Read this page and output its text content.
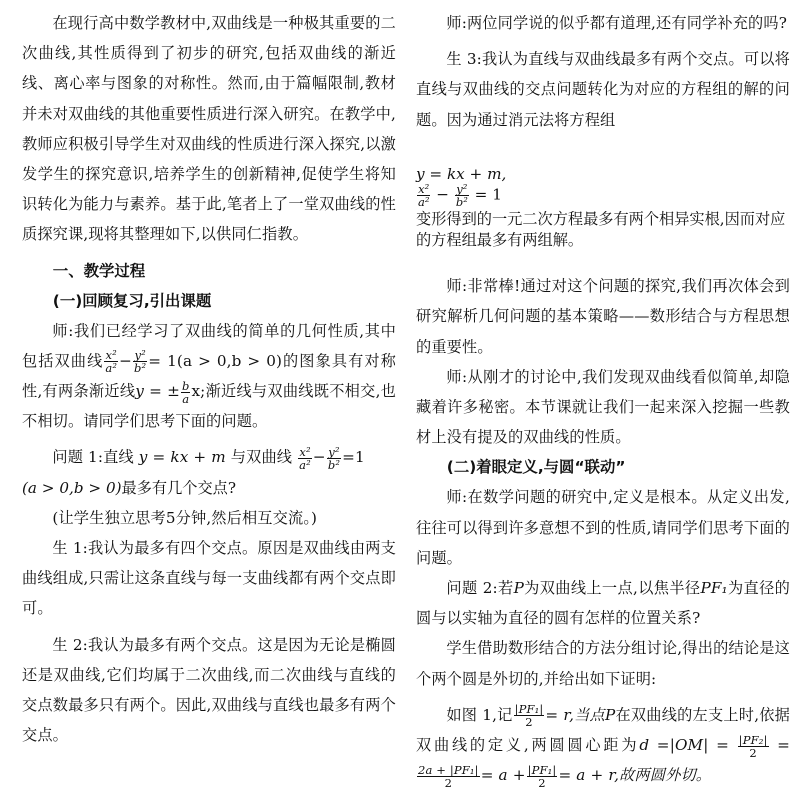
在现行高中数学教材中,双曲线是一种极其重要的二次曲线,其性质得到了初步的研究,包括双曲线的渐近线、离心率与图象的对称性。然而,由于篇幅限制,教材并未对双曲线的其他重要性质进行深入研究。在教学中,教师应积极引导学生对双曲线的性质进行深入探究,以激发学生的探究意识,培养学生的创新精神,促使学生将知识转化为能力与素养。基于此,笔者上了一堂双曲线的性质探究课,现将其整理如下,以供同仁指教。

一、教学过程

(一)回顾复习,引出课题

师:我们已经学习了双曲线的简单的几何性质,其中包括双曲线 $\frac{\text{x²}}{\text{a²}} - \frac{\text{y²}}{\text{b²}} = 1(a > 0,b > 0)$的图象具有对称性,有两条渐近线y = ± $\frac{b}{a} x$;渐近线与双曲线既不相交,也不相切。请同学们思考下面的问题。

问题 1:直线 y = kx + m 与双曲线 $\frac{\text{x²}}{\text{a²}} - \frac{\text{y²}}{\text{b²}} =1$

(a > 0,b > 0)最多有几个交点?

(让学生独立思考5分钟,然后相互交流。)

生 1:我认为最多有四个交点。原因是双曲线由两支曲线组成,只需让这条直线与每一支曲线都有两个交点即可。

生 2:我认为最多有两个交点。这是因为无论是椭圆还是双曲线,它们均属于二次曲线,而二次曲线与直线的交点数最多只有两个。因此,双曲线与直线也最多有两个交点。

师:两位同学说的似乎都有道理,还有同学补充的吗?

生 3:我认为直线与双曲线最多有两个交点。可以将直线与双曲线的交点问题转化为对应的方程组的解的问题。因为通过消元法将方程组

y = kx + m,
$\frac{\text{x²}}{\text{a²}} - \frac{\text{y²}}{\text{b²}} = 1$
变形得到的一元二次方程最多有两个相异实根,因而对应的方程组最多有两组解。

师:非常棒!通过对这个问题的探究,我们再次体会到研究解析几何问题的基本策略——数形结合与方程思想的重要性。

师:从刚才的讨论中,我们发现双曲线看似简单,却隐藏着许多秘密。本节课就让我们一起来深入挖掘一些教材上没有提及的双曲线的性质。

(二)着眼定义,与圆“联动”

师:在数学问题的研究中,定义是根本。从定义出发,往往可以得到许多意想不到的性质,请同学们思考下面的问题。

问题 2:若P为双曲线上一点,以焦半径PF₁为直径的圆与以实轴为直径的圆有怎样的位置关系?

学生借助数形结合的方法分组讨论,得出的结论是这个两个圆是外切的,并给出如下证明:

如图 1,记 $\frac{\text{|PF₁|}}{2} = r$,当点P在双曲线的左支上时,依据双曲线的定义,两圆圆心距为$d =|OM| = \frac{\text{|PF₂|}}{2}$ =
$\frac{\text{2a + |PF₁|}}{2} = a + \frac{\text{|PF₁|}}{2} = a + r$,故两圆外切。
